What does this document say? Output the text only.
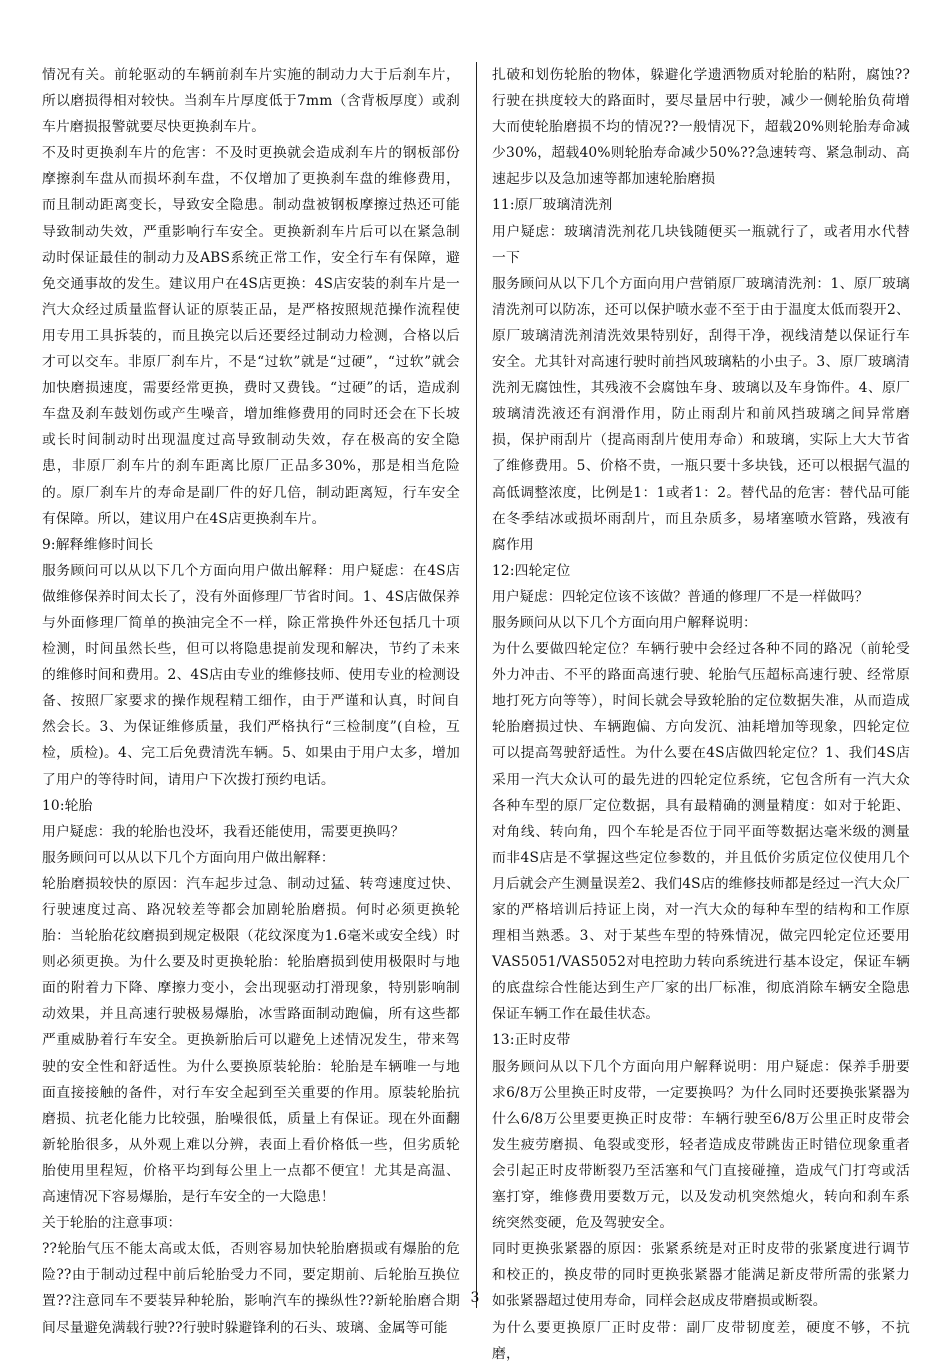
情况有关。前轮驱动的车辆前刹车片实施的制动力大于后刹车片，所以磨损得相对较快。当刹车片厚度低于7mm（含背板厚度）或刹车片磨损报警就要尽快更换刹车片。

不及时更换刹车片的危害：不及时更换就会造成刹车片的钢板部份摩擦刹车盘从而损坏刹车盘，不仅增加了更换刹车盘的维修费用，而且制动距离变长，导致安全隐患。制动盘被钢板摩擦过热还可能导致制动失效，严重影响行车安全。更换新刹车片后可以在紧急制动时保证最佳的制动力及ABS系统正常工作，安全行车有保障，避免交通事故的发生。建议用户在4S店更换：4S店安装的刹车片是一汽大众经过质量监督认证的原装正品，是严格按照规范操作流程使用专用工具拆装的，而且换完以后还要经过制动力检测，合格以后才可以交车。非原厂刹车片，不是“过软”就是“过硬”，“过软”就会加快磨损速度，需要经常更换，费时又费钱。“过硬”的话，造成刹车盘及刹车鼓划伤或产生噪音，增加维修费用的同时还会在下长坡或长时间制动时出现温度过高导致制动失效，存在极高的安全隐患，非原厂刹车片的刹车距离比原厂正品多30%，那是相当危险的。原厂刹车片的寿命是副厂件的好几倍，制动距离短，行车安全有保障。所以，建议用户在4S店更换刹车片。

9:解释维修时间长

服务顾问可以从以下几个方面向用户做出解释：用户疑虑：在4S店做维修保养时间太长了，没有外面修理厂节省时间。1、4S店做保养与外面修理厂简单的换油完全不一样，除正常换件外还包括几十项检测，时间虽然长些，但可以将隐患提前发现和解决，节约了未来的维修时间和费用。2、4S店由专业的维修技师、使用专业的检测设备、按照厂家要求的操作规程精工细作，由于严谨和认真，时间自然会长。3、为保证维修质量，我们严格执行“三检制度”(自检，互检，质检)。4、完工后免费清洗车辆。5、如果由于用户太多，增加了用户的等待时间，请用户下次拨打预约电话。

10:轮胎

用户疑虑：我的轮胎也没坏，我看还能使用，需要更换吗？

服务顾问可以从以下几个方面向用户做出解释：

轮胎磨损较快的原因：汽车起步过急、制动过猛、转弯速度过快、行驶速度过高、路况较差等都会加剧轮胎磨损。何时必须更换轮胎：当轮胎花纹磨损到规定极限（花纹深度为1.6毫米或安全线）时则必须更换。为什么要及时更换轮胎：轮胎磨损到使用极限时与地面的附着力下降、摩擦力变小，会出现驱动打滑现象，特别影响制动效果，并且高速行驶极易爆胎，冰雪路面制动跑偏，所有这些都严重威胁着行车安全。更换新胎后可以避免上述情况发生，带来驾驶的安全性和舒适性。为什么要换原装轮胎：轮胎是车辆唯一与地面直接接触的备件，对行车安全起到至关重要的作用。原装轮胎抗磨损、抗老化能力比较强，胎噪很低，质量上有保证。现在外面翻新轮胎很多，从外观上难以分辨，表面上看价格低一些，但劣质轮胎使用里程短，价格平均到每公里上一点都不便宜！尤其是高温、高速情况下容易爆胎，是行车安全的一大隐患！

关于轮胎的注意事项：

??轮胎气压不能太高或太低，否则容易加快轮胎磨损或有爆胎的危险??由于制动过程中前后轮胎受力不同，要定期前、后轮胎互换位置??注意同车不要装异种轮胎，影响汽车的操纵性??新轮胎磨合期间尽量避免满载行驶??行驶时躲避锋利的石头、玻璃、金属等可能

扎破和划伤轮胎的物体，躲避化学遗洒物质对轮胎的粘附，腐蚀??行驶在拱度较大的路面时，要尽量居中行驶，减少一侧轮胎负荷增大而使轮胎磨损不均的情况??一般情况下，超载20%则轮胎寿命减少30%，超载40%则轮胎寿命减少50%??急速转弯、紧急制动、高速起步以及急加速等都加速轮胎磨损

11:原厂玻璃清洗剂

用户疑虑：玻璃清洗剂花几块钱随便买一瓶就行了，或者用水代替一下

服务顾问从以下几个方面向用户营销原厂玻璃清洗剂：1、原厂玻璃清洗剂可以防冻，还可以保护喷水壶不至于由于温度太低而裂开2、原厂玻璃清洗剂清洗效果特别好，刮得干净，视线清楚以保证行车安全。尤其针对高速行驶时前挡风玻璃粘的小虫子。3、原厂玻璃清洗剂无腐蚀性，其残液不会腐蚀车身、玻璃以及车身饰件。4、原厂玻璃清洗液还有润滑作用，防止雨刮片和前风挡玻璃之间异常磨损，保护雨刮片（提高雨刮片使用寿命）和玻璃，实际上大大节省了维修费用。5、价格不贵，一瓶只要十多块钱，还可以根据气温的高低调整浓度，比例是1：1或者1：2。替代品的危害：替代品可能在冬季结冰或损坏雨刮片，而且杂质多，易堵塞喷水管路，残液有腐作用

12:四轮定位

用户疑虑：四轮定位该不该做？普通的修理厂不是一样做吗？

服务顾问从以下几个方面向用户解释说明：

为什么要做四轮定位？车辆行驶中会经过各种不同的路况（前轮受外力冲击、不平的路面高速行驶、轮胎气压超标高速行驶、经常原地打死方向等等），时间长就会导致轮胎的定位数据失准，从而造成轮胎磨损过快、车辆跑偏、方向发沉、油耗增加等现象，四轮定位可以提高驾驶舒适性。为什么要在4S店做四轮定位？1、我们4S店采用一汽大众认可的最先进的四轮定位系统，它包含所有一汽大众各种车型的原厂定位数据，具有最精确的测量精度：如对于轮距、对角线、转向角，四个车轮是否位于同平面等数据达毫米级的测量而非4S店是不掌握这些定位参数的，并且低价劣质定位仪使用几个月后就会产生测量误差2、我们4S店的维修技师都是经过一汽大众厂家的严格培训后持证上岗，对一汽大众的每种车型的结构和工作原理相当熟悉。3、对于某些车型的特殊情况，做完四轮定位还要用VAS5051/VAS5052对电控助力转向系统进行基本设定，保证车辆的底盘综合性能达到生产厂家的出厂标准，彻底消除车辆安全隐患保证车辆工作在最佳状态。

13:正时皮带

服务顾问从以下几个方面向用户解释说明：用户疑虑：保养手册要求6/8万公里换正时皮带，一定要换吗？为什么同时还要换张紧器为什么6/8万公里要更换正时皮带：车辆行驶至6/8万公里正时皮带会发生疲劳磨损、龟裂或变形，轻者造成皮带跳齿正时错位现象重者会引起正时皮带断裂乃至活塞和气门直接碰撞，造成气门打弯或活塞打穿，维修费用要数万元，以及发动机突然熄火，转向和刹车系统突然变硬，危及驾驶安全。

同时更换张紧器的原因：张紧系统是对正时皮带的张紧度进行调节和校正的，换皮带的同时更换张紧器才能满足新皮带所需的张紧力如张紧器超过使用寿命，同样会赵成皮带磨损或断裂。

为什么要更换原厂正时皮带：副厂皮带韧度差，硬度不够，不抗磨，

3
